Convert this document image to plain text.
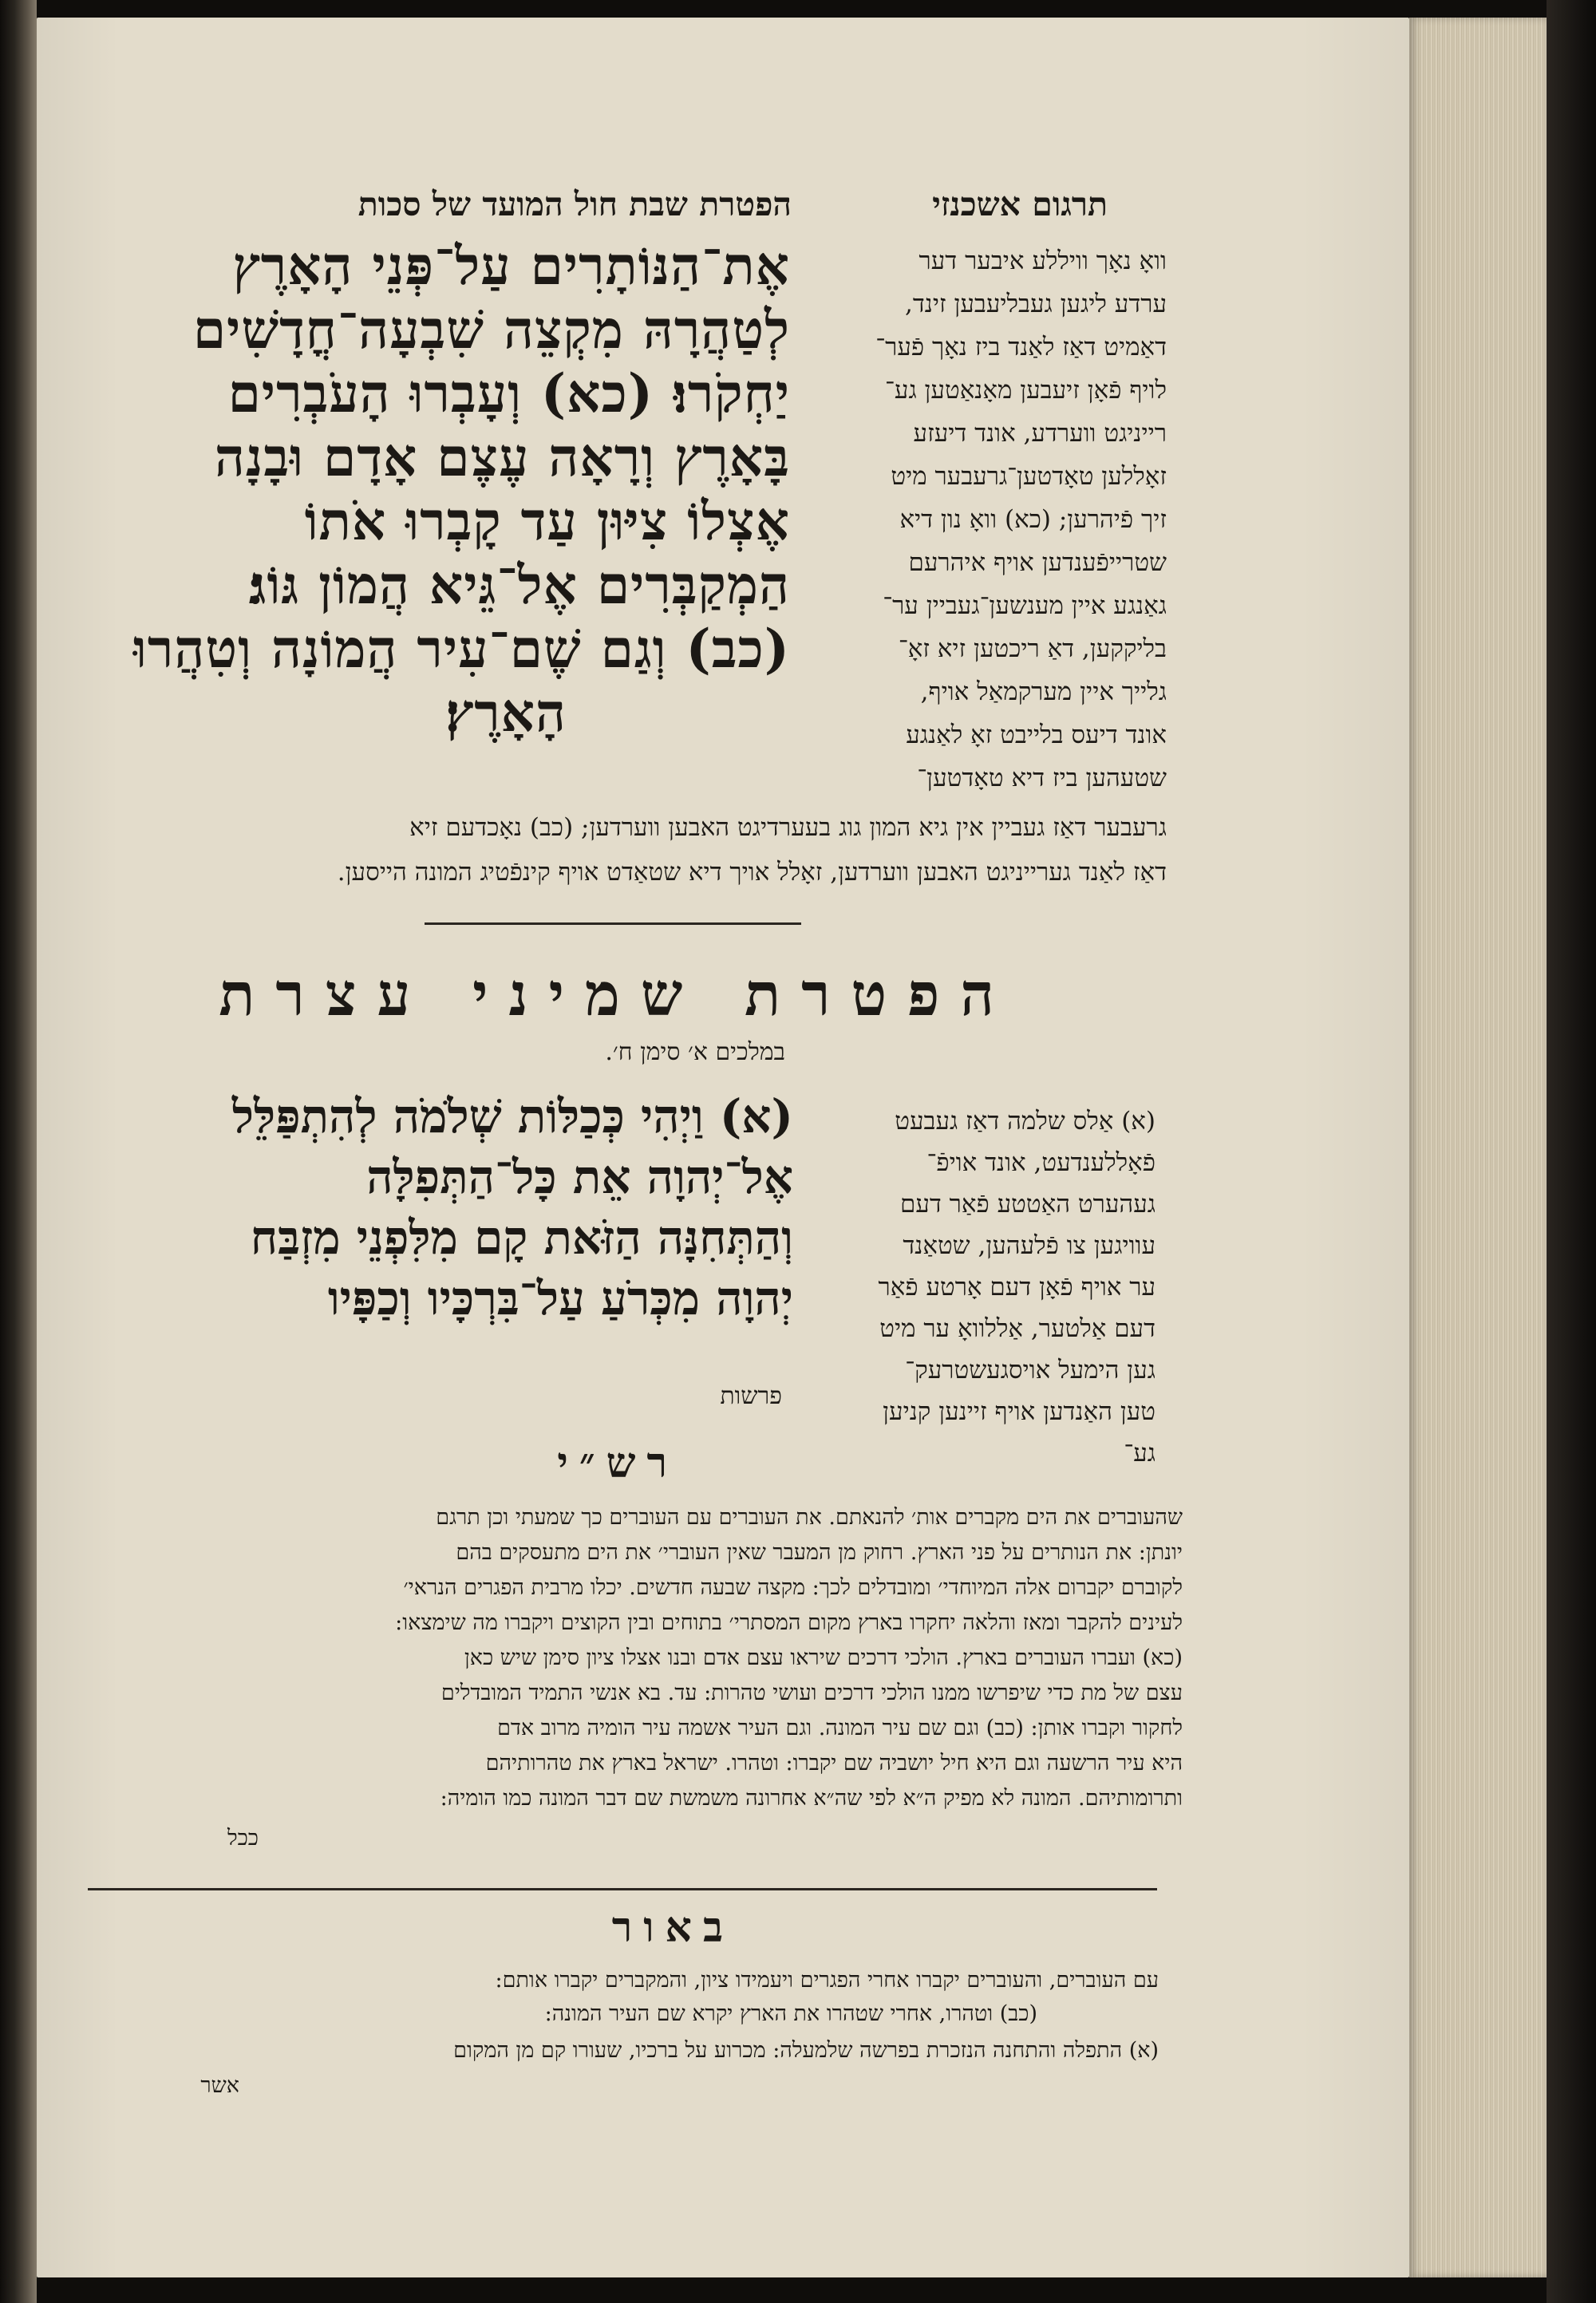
הפטרת שבת חול המועד של סכות	תרגום אשכנזי
אֶת־הַנּוֹתָרִים עַל־פְּנֵי הָאָרֶץ
לְטַהֲרָהּ מִקְצֵה שִׁבְעָה־חֳדָשִׁים
יַחְקֹרוּ׃ (כא) וְעָבְרוּ הָעֹבְרִים
בָּאָרֶץ וְרָאָה עֶצֶם אָדָם וּבָנָה
אֶצְלוֹ צִיּוּן עַד קָבְרוּ אֹתוֹ
הַמְקַבְּרִים אֶל־גֵּיא הֲמוֹן גּוֹג׃
(כב) וְגַם שֶׁם־עִיר הֲמוֹנָה וְטִהֲרוּ
הָאָרֶץ׃
וואָ נאָך וויללע איבער דער
ערדע ליגען געבליעבען זינד,
דאַמיט דאַז לאַנד ביז נאָך פֿער־
לויף פֿאָן זיעבען מאָנאַטען גע־
רייניגט ווערדע, אונד דיעזע
זאָללען טאָדטען־גרעבער מיט
זיך פֿיהרען; (כא) וואָ נון דיא
שטרייפֿענדען אויף איהרעם
גאַנגע איין מענשען־געביין ער־
בליקקען, דאַ ריכטען זיא זאָ־
גלייך איין מערקמאַל אויף,
אונד דיעס בלייבט זאָ לאַנגע
שטעהען ביז דיא טאָדטען־
גרעבער דאַז געביין אין גיא המון גוג בעערדיגט האבען ווערדען; (כב) נאָכדעם זיא
דאַז לאַנד גערייניגט האבען ווערדען, זאָלל אויך דיא שטאַדט אויף קינפֿטיג המונה הייסען.
הפטרת שמיני עצרת
במלכים א׳ סימן ח׳.
(א) וַיְהִי כְּכַלּוֹת שְׁלֹמֹה לְהִתְפַּלֵּל
אֶל־יְהוָה אֵת כָּל־הַתְּפִלָּה
וְהַתְּחִנָּה הַזֹּאת קָם מִלִּפְנֵי מִזְבַּח
יְהוָה מִכְּרֹעַ עַל־בִּרְכָּיו וְכַפָּיו
פרשות
(א) אַלס שלמה דאַז געבעט
פֿאָללענדעט, אונד אויפֿ־
געהערט האַטטע פֿאַר דעם
עוויגען צו פֿלעהען, שטאַנד
ער אויף פֿאָן דעם אָרטע פֿאַר
דעם אַלטער, אַללוואָ ער מיט
גען הימעל אויסגעשטרעק־
טען האַנדען אויף זיינען קניען
גע־
רש״י
שהעוברים את הים מקברים אות׳ להנאתם. את העוברים עם העוברים כך שמעתי וכן תרגם
יונתן: את הנותרים על פני הארץ. רחוק מן המעבר שאין העוברי׳ את הים מתעסקים בהם
לקוברם יקברום אלה המיוחדי׳ ומובדלים לכך: מקצה שבעה חדשים. יכלו מרבית הפגרים הנראי׳
לעינים להקבר ומאז והלאה יחקרו בארץ מקום המסתרי׳ בתוחים ובין הקוצים ויקברו מה שימצאו:
(כא) ועברו העוברים בארץ. הולכי דרכים שיראו עצם אדם ובנו אצלו ציון סימן שיש כאן
עצם של מת כדי שיפרשו ממנו הולכי דרכים ועושי טהרות: עד. בא אנשי התמיד המובדלים
לחקור וקברו אותן: (כב) וגם שם עיר המונה. וגם העיר אשמה עיר הומיה מרוב אדם
היא עיר הרשעה וגם היא חיל יושביה שם יקברו: וטהרו. ישראל בארץ את טהרותיהם
ותרומותיהם. המונה לא מפיק ה״א לפי שה״א אחרונה משמשת שם דבר המונה כמו הומיה:
ככל
באור
עם העוברים, והעוברים יקברו אחרי הפגרים ויעמידו ציון, והמקברים יקברו אותם:
(כב) וטהרו, אחרי שטהרו את הארץ יקרא שם העיר המונה:
(א) התפלה והתחנה הנזכרת בפרשה שלמעלה: מכרוע על ברכיו, שעורו קם מן המקום
אשר
